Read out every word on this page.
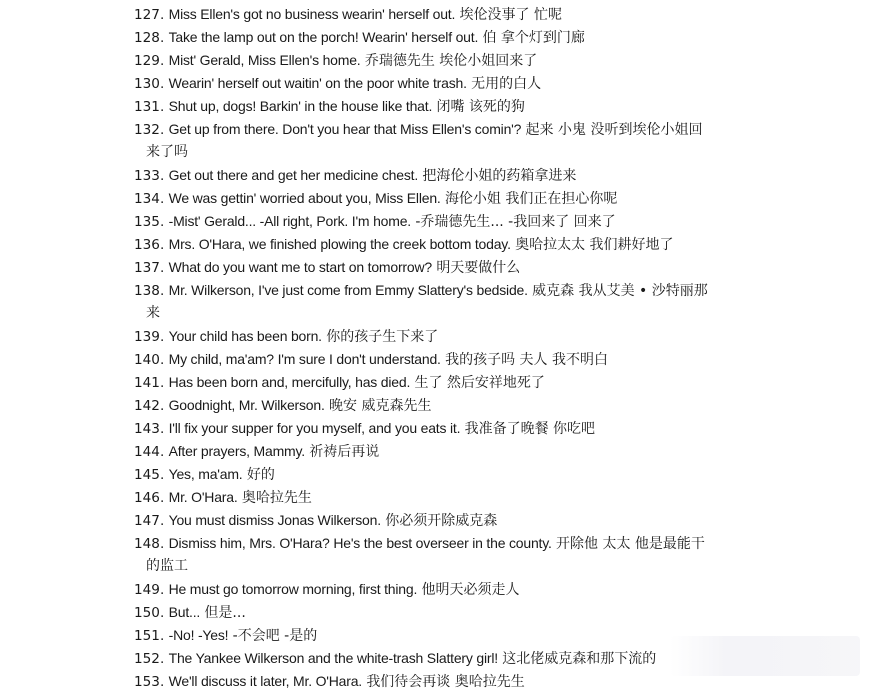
127. Miss Ellen's got no business wearin' herself out. 埃伦没事了 忙呢
128. Take the lamp out on the porch! Wearin' herself out. 伯 拿个灯到门廊
129. Mist' Gerald, Miss Ellen's home. 乔瑞德先生 埃伦小姐回来了
130. Wearin' herself out waitin' on the poor white trash. 无用的白人
131. Shut up, dogs! Barkin' in the house like that. 闭嘴 该死的狗
132. Get up from there. Don't you hear that Miss Ellen's comin'? 起来 小鬼 没听到埃伦小姐回
来了吗
133. Get out there and get her medicine chest. 把海伦小姐的药箱拿进来
134. We was gettin' worried about you, Miss Ellen. 海伦小姐 我们正在担心你呢
135. -Mist' Gerald... -All right, Pork. I'm home. -乔瑞德先生... -我回来了 回来了
136. Mrs. O'Hara, we finished plowing the creek bottom today. 奥哈拉太太 我们耕好地了
137. What do you want me to start on tomorrow? 明天要做什么
138. Mr. Wilkerson, I've just come from Emmy Slattery's bedside. 威克森 我从艾美 • 沙特丽那
来
139. Your child has been born. 你的孩子生下来了
140. My child, ma'am? I'm sure I don't understand. 我的孩子吗 夫人 我不明白
141. Has been born and, mercifully, has died. 生了 然后安祥地死了
142. Goodnight, Mr. Wilkerson. 晚安 威克森先生
143. I'll fix your supper for you myself, and you eats it. 我准备了晚餐 你吃吧
144. After prayers, Mammy. 祈祷后再说
145. Yes, ma'am. 好的
146. Mr. O'Hara. 奥哈拉先生
147. You must dismiss Jonas Wilkerson. 你必须开除威克森
148. Dismiss him, Mrs. O'Hara? He's the best overseer in the county. 开除他 太太 他是最能干
的监工
149. He must go tomorrow morning, first thing. 他明天必须走人
150. But... 但是...
151. -No! -Yes! -不会吧 -是的
152. The Yankee Wilkerson and the white-trash Slattery girl! 这北佬威克森和那下流的
153. We'll discuss it later, Mr. O'Hara. 我们待会再谈 奥哈拉先生
